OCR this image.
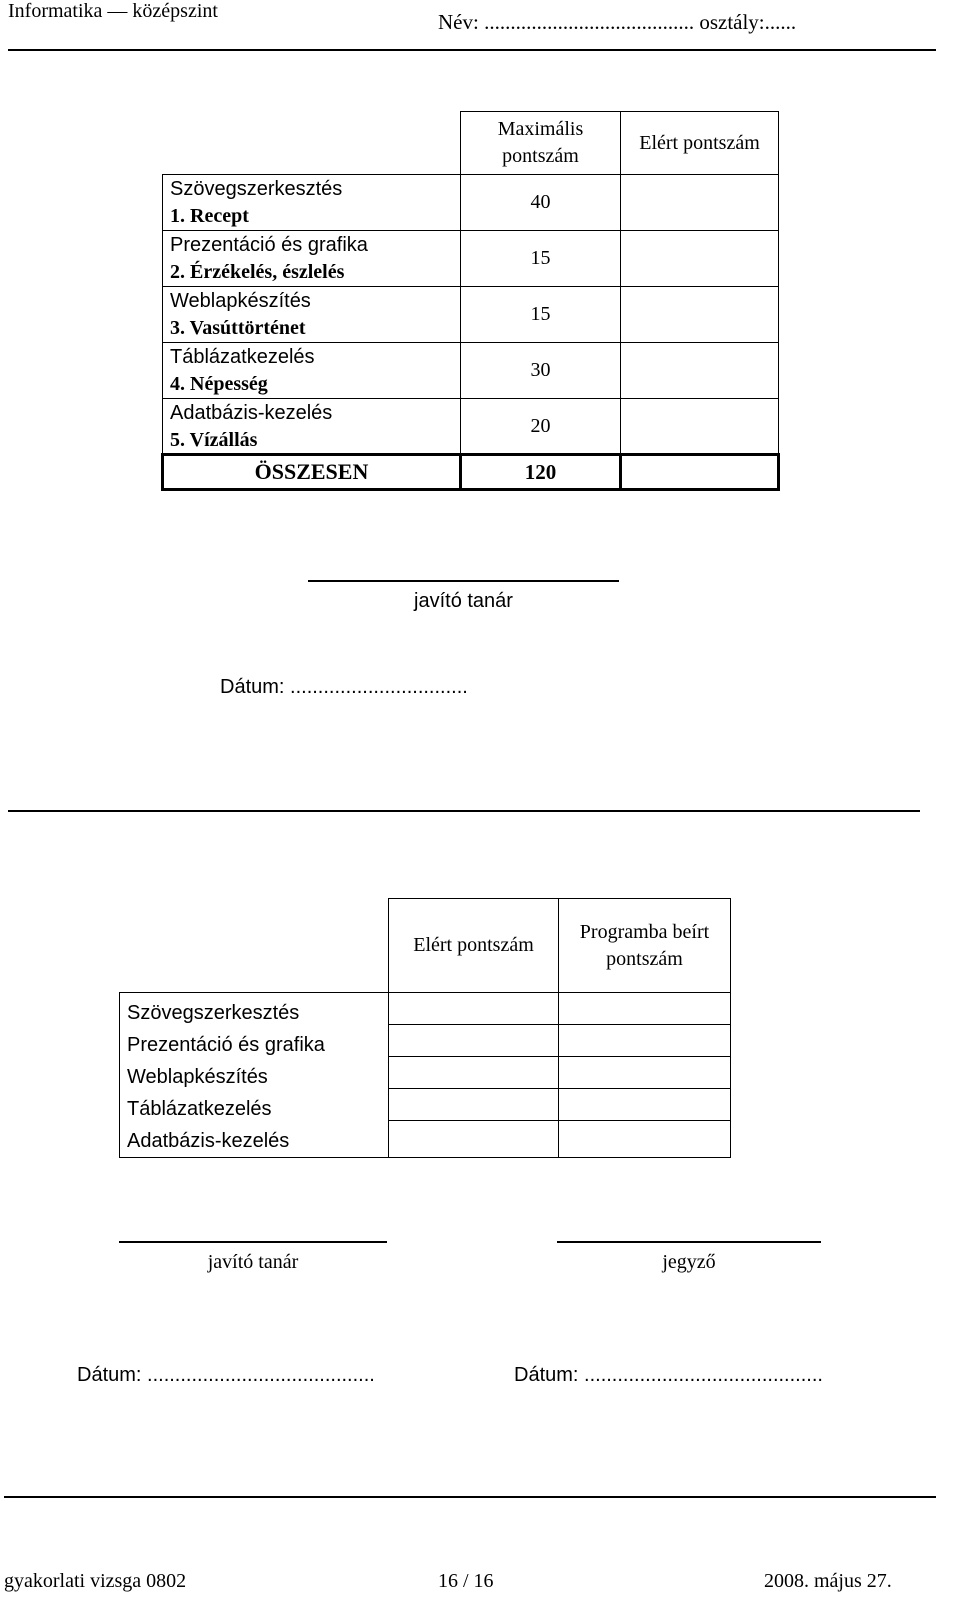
Informatika — középszint	Név: ........................................ osztály:......
	Maximális pontszám	Elért pontszám

Szövegszerkesztés
1. Recept	40	

Prezentáció és grafika
2. Érzékelés, észlelés	15	

Weblapkészítés
3. Vasúttörténet	15	

Táblázatkezelés
4. Népesség	30	

Adatbázis-kezelés
5. Vízállás	20	
ÖSSZESEN	120	
javító tanár
Dátum: ................................
	Elért pontszám	Programba beírt pontszám

Szövegszerkesztés
Prezentáció és grafika
Weblapkészítés
Táblázatkezelés
Adatbázis-kezelés		

javító tanár	jegyző
Dátum: .........................................	Dátum: ...........................................
gyakorlati vizsga 0802	16 / 16	2008. május 27.
